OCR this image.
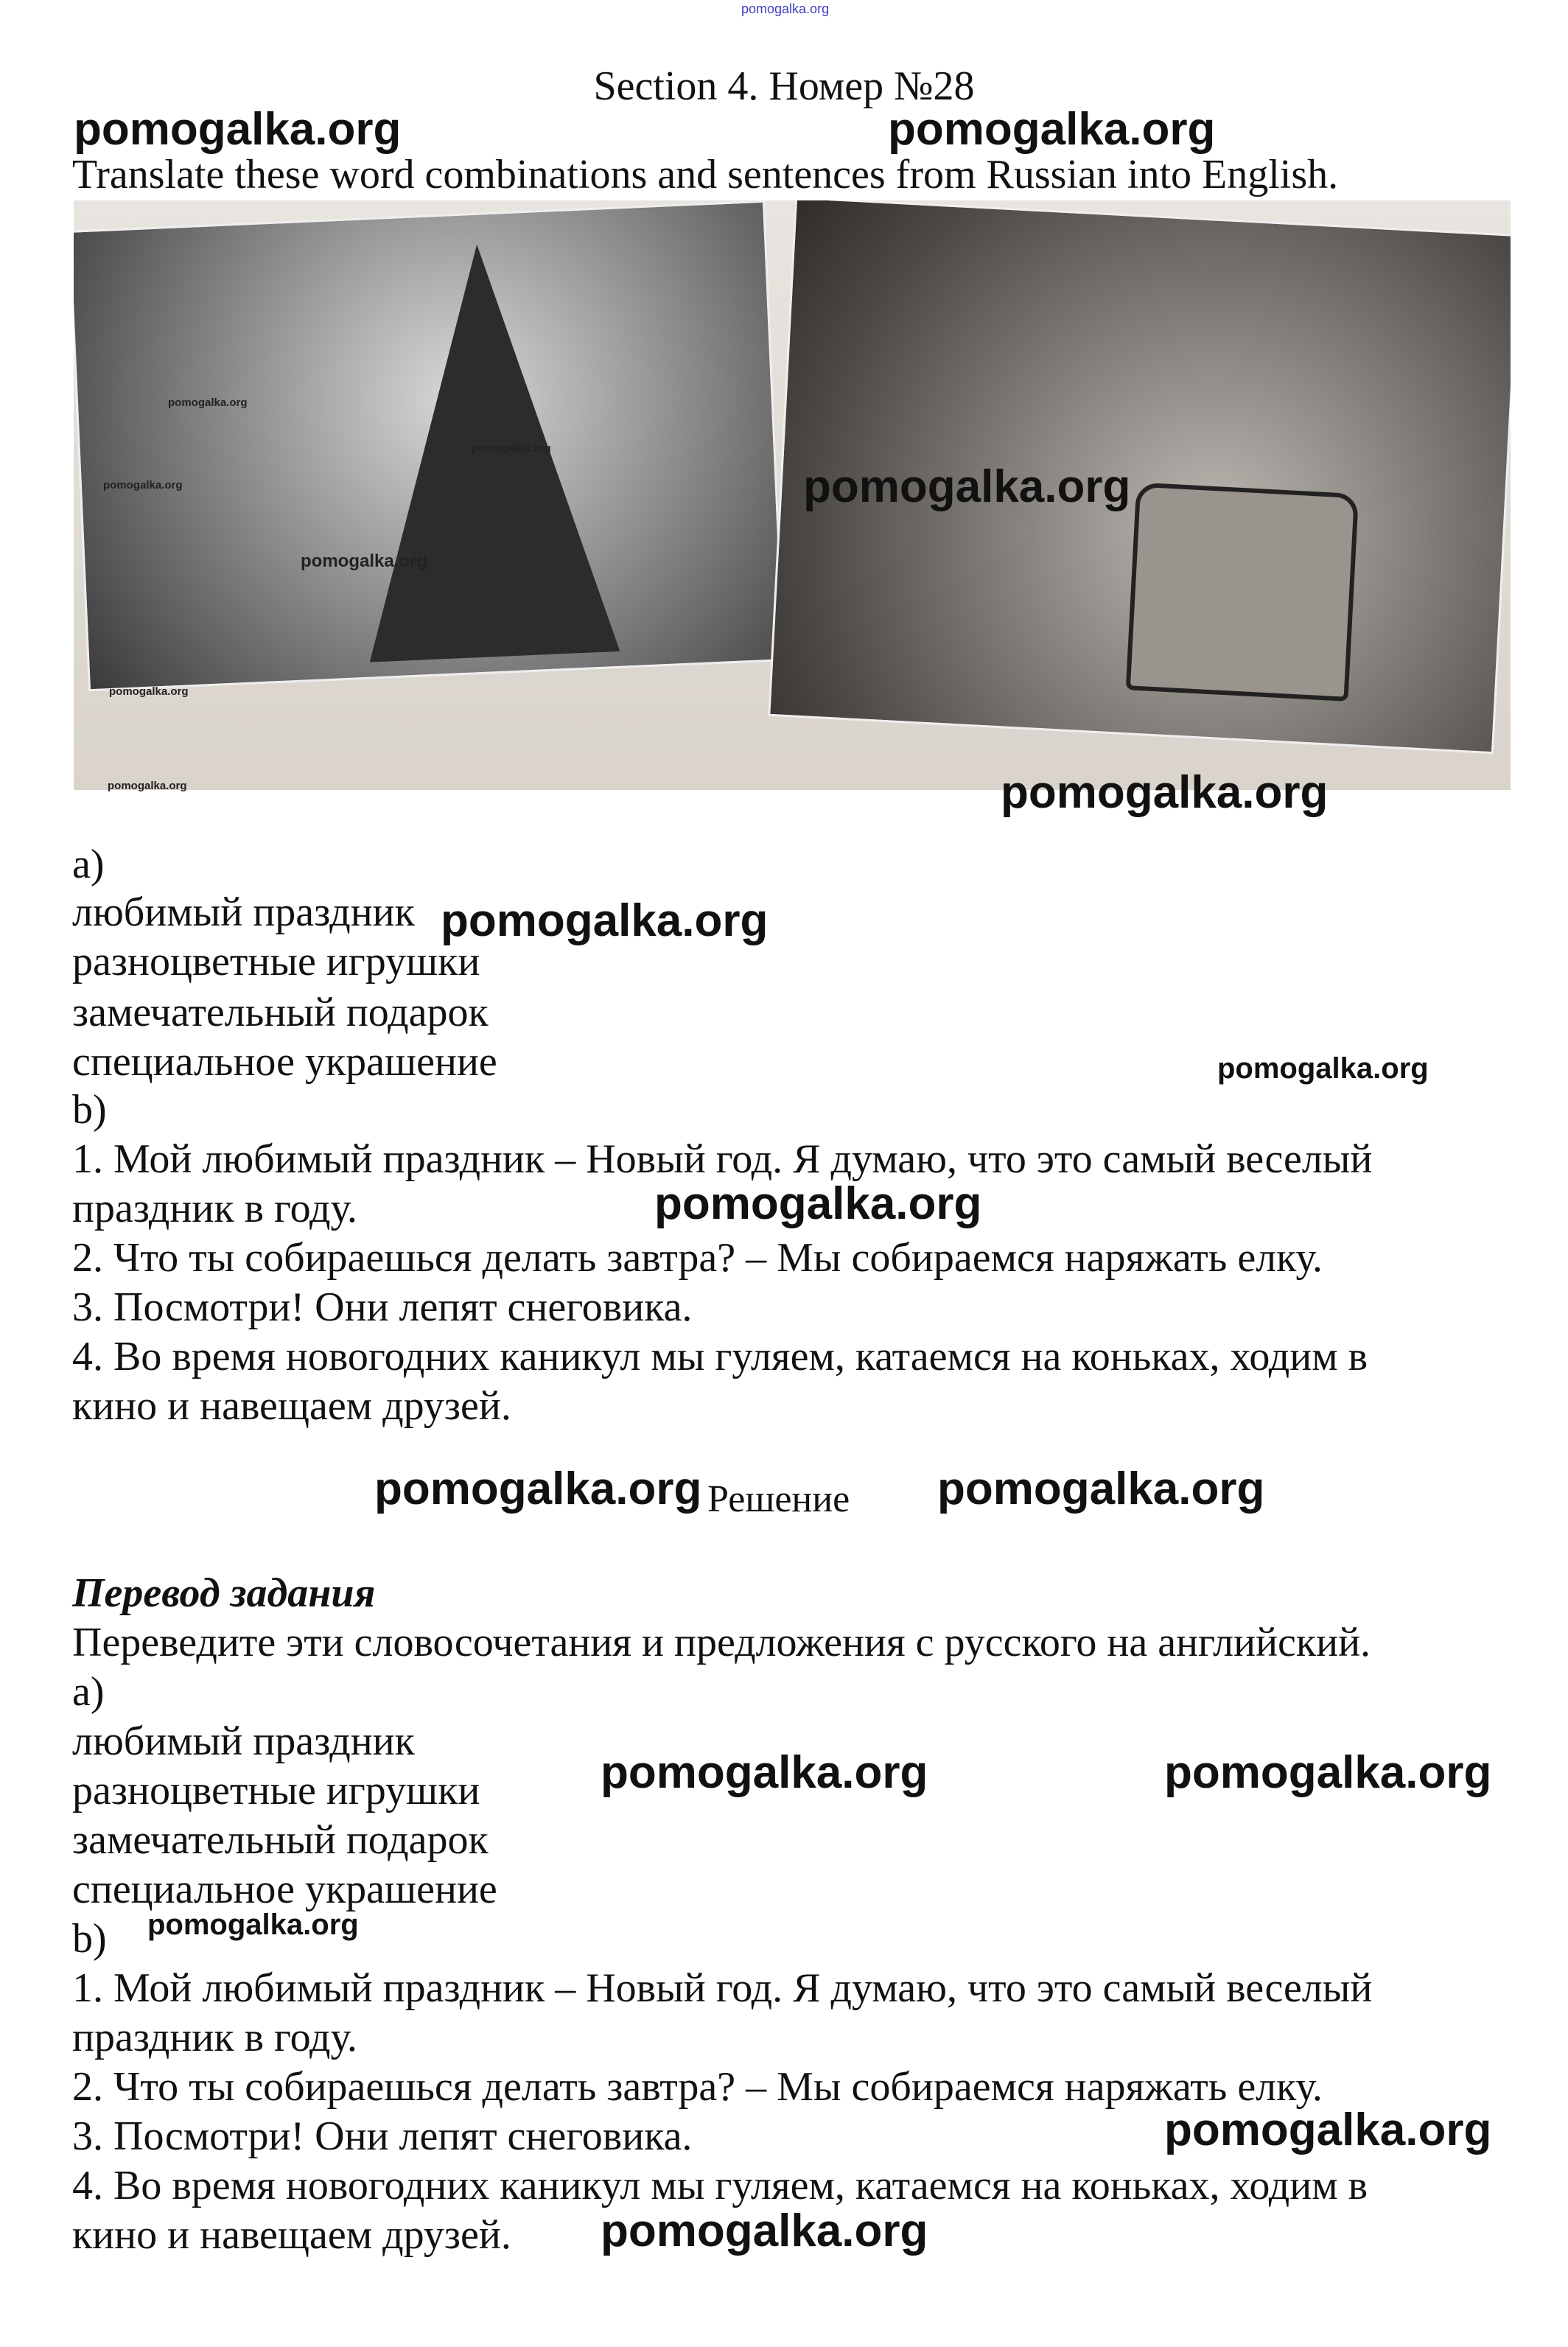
pomogalka.org
Section 4. Номер №28
pomogalka.org	pomogalka.org
Translate these word combinations and sentences from Russian into English.
pomogalka.org
pomogalka.org
pomogalka.org
pomogalka.org
pomogalka.org
pomogalka.org
pomogalka.org
pomogalka.org
a)
любимый праздник
разноцветные игрушки
замечательный подарок
специальное украшение
pomogalka.org
pomogalka.org
b)
1. Мой любимый праздник – Новый год. Я думаю, что это самый веселый
праздник в году.
2. Что ты собираешься делать завтра? – Мы собираемся наряжать елку.
3. Посмотри! Они лепят снеговика.
4. Во время новогодних каникул мы гуляем, катаемся на коньках, ходим в
кино и навещаем друзей.
pomogalka.org
pomogalka.org Решение pomogalka.org
Перевод задания
Переведите эти словосочетания и предложения с русского на английский.
a)
любимый праздник
разноцветные игрушки
замечательный подарок
специальное украшение
pomogalka.org	pomogalka.org
b) pomogalka.org
1. Мой любимый праздник – Новый год. Я думаю, что это самый веселый
праздник в году.
2. Что ты собираешься делать завтра? – Мы собираемся наряжать елку.
3. Посмотри! Они лепят снеговика.
4. Во время новогодних каникул мы гуляем, катаемся на коньках, ходим в
кино и навещаем друзей.
pomogalka.org
pomogalka.org
